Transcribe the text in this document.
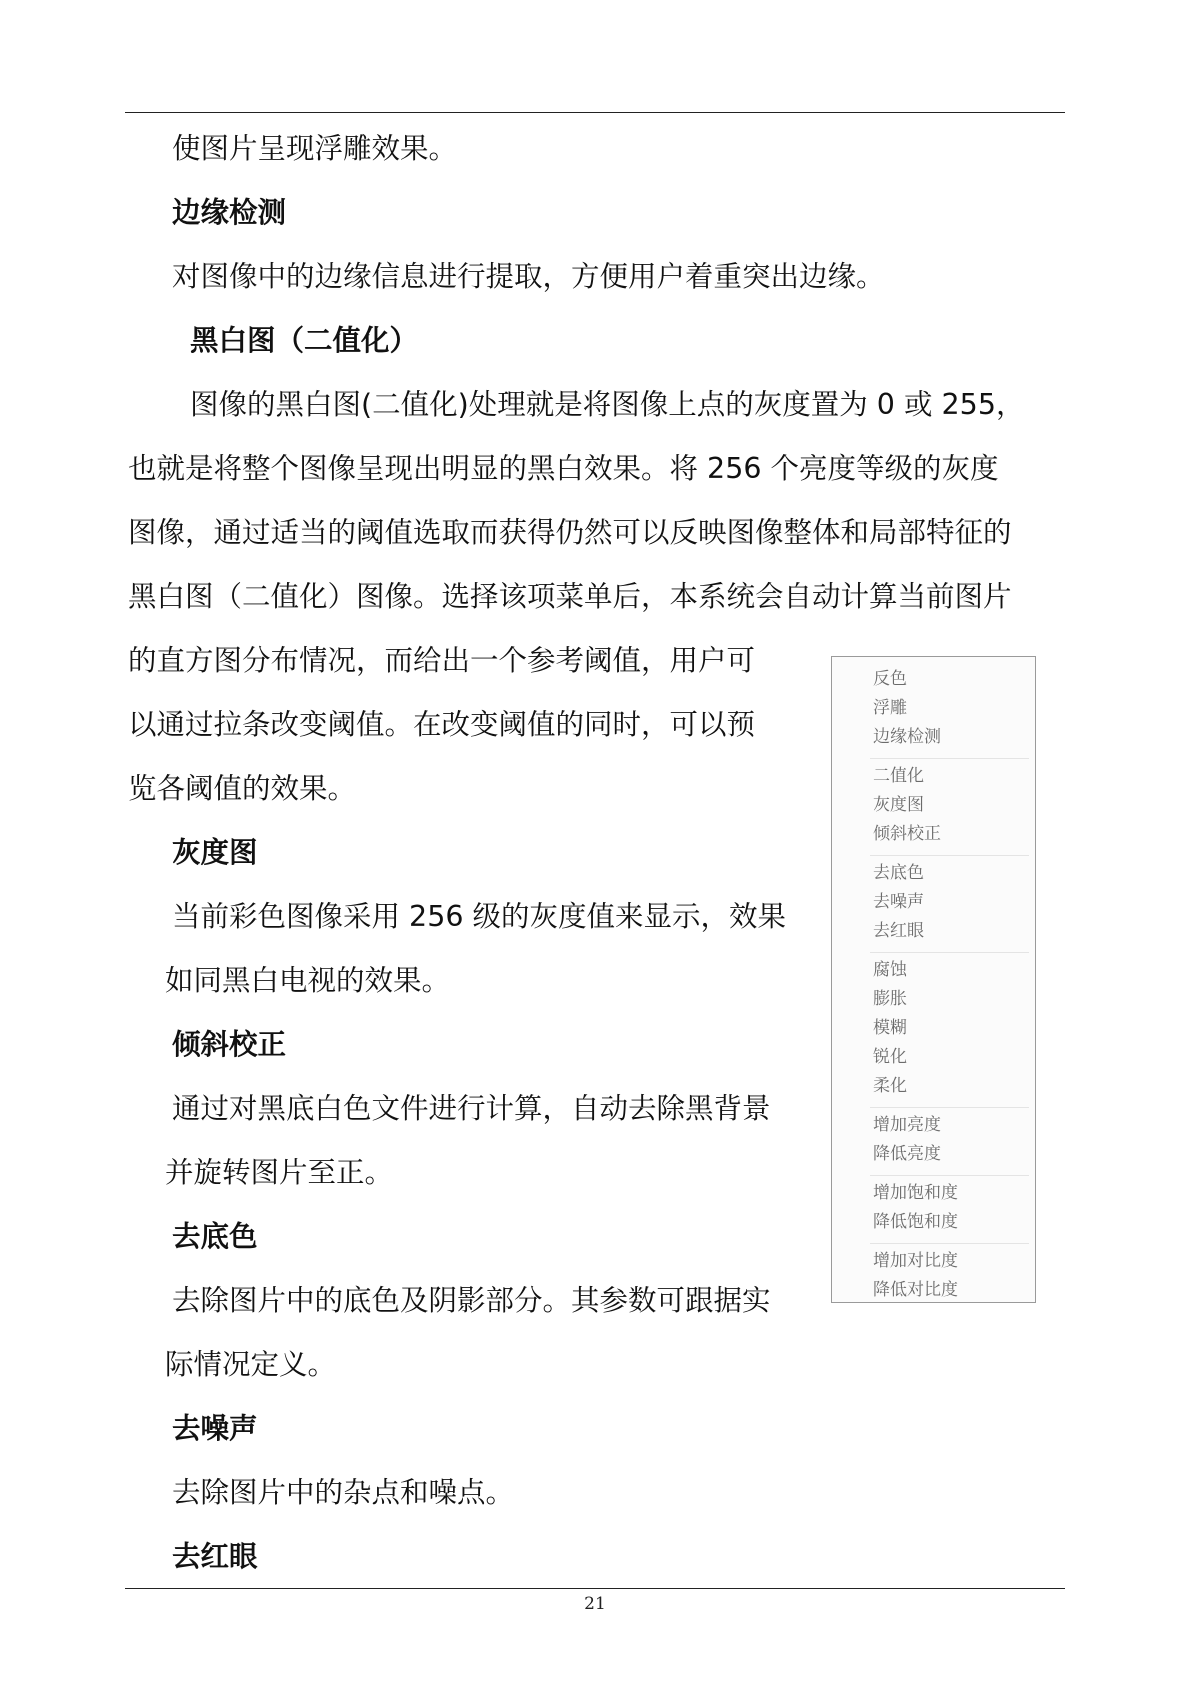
使图片呈现浮雕效果。
边缘检测
对图像中的边缘信息进行提取，方便用户着重突出边缘。
黑白图（二值化）
图像的黑白图(二值化)处理就是将图像上点的灰度置为 0 或 255，
也就是将整个图像呈现出明显的黑白效果。将 256 个亮度等级的灰度
图像，通过适当的阈值选取而获得仍然可以反映图像整体和局部特征的
黑白图（二值化）图像。选择该项菜单后，本系统会自动计算当前图片
的直方图分布情况，而给出一个参考阈值，用户可
以通过拉条改变阈值。在改变阈值的同时，可以预
览各阈值的效果。
灰度图
当前彩色图像采用 256 级的灰度值来显示，效果
如同黑白电视的效果。
倾斜校正
通过对黑底白色文件进行计算，自动去除黑背景
并旋转图片至正。
去底色
去除图片中的底色及阴影部分。其参数可跟据实
际情况定义。
去噪声
去除图片中的杂点和噪点。
去红眼
反色
浮雕
边缘检测
二值化
灰度图
倾斜校正
去底色
去噪声
去红眼
腐蚀
膨胀
模糊
锐化
柔化
增加亮度
降低亮度
增加饱和度
降低饱和度
增加对比度
降低对比度
21
